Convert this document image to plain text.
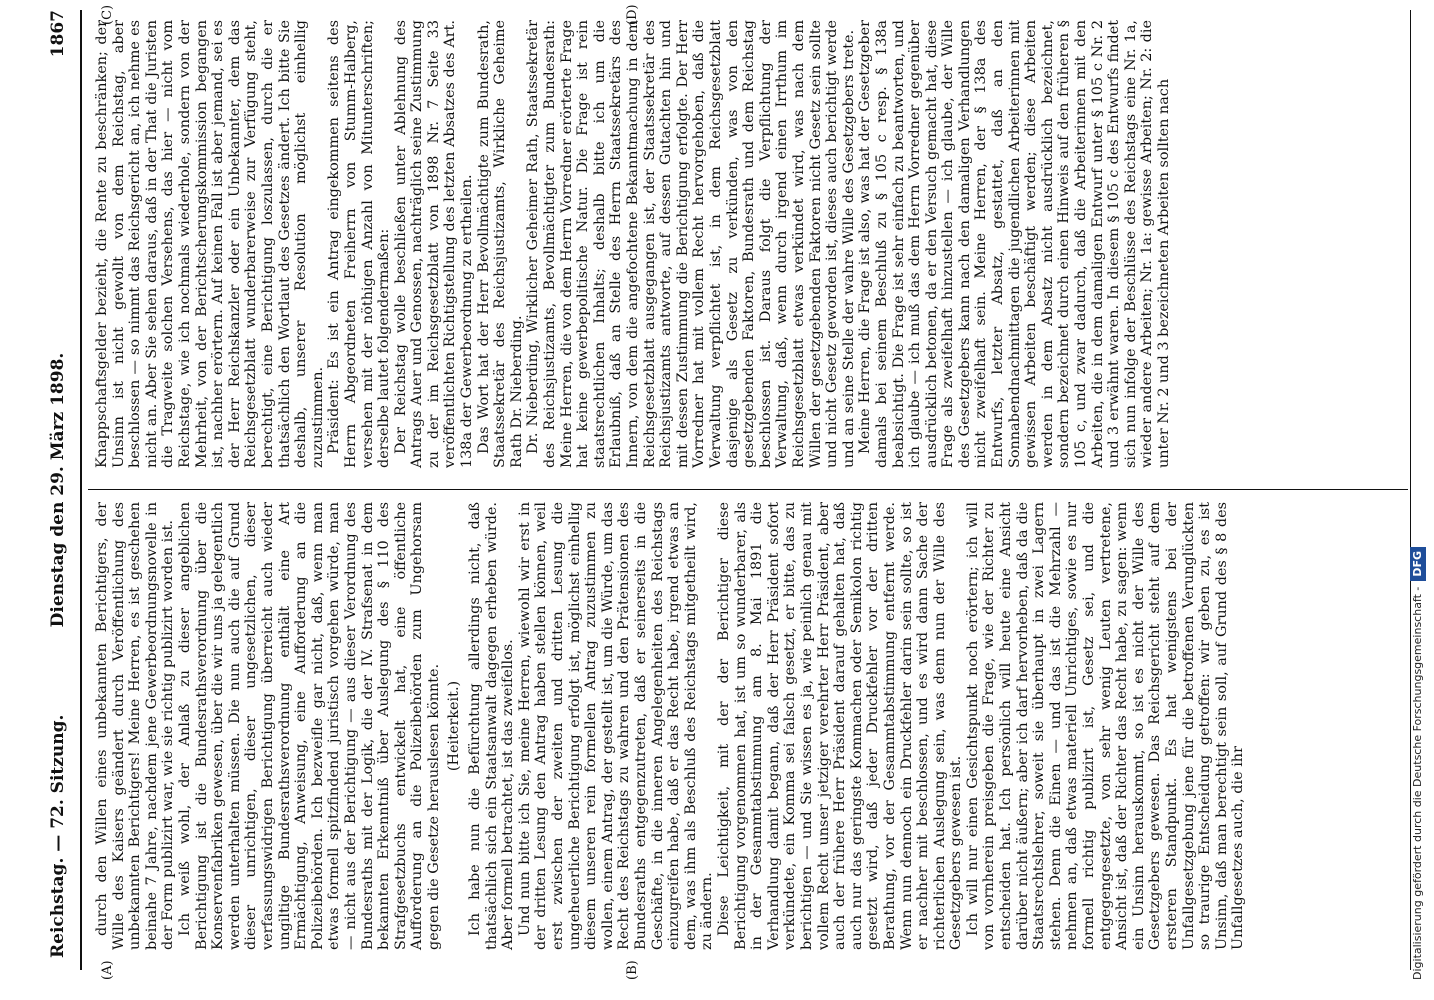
Reichstag. — 72. Sitzung.
Dienstag den 29. März 1898.
1867
(A)	(B)
(C)	(D)

durch den Willen eines unbekannten Berichtigers, der Wille des Kaisers geändert durch Veröffentlichung des unbekannten Berichtigers! Meine Herren, es ist geschehen beinahe 7 Jahre, nachdem jene Gewerbeordnungsnovelle in der Form publizirt war, wie sie richtig publizirt worden ist. Ich weiß wohl, der Anlaß zu dieser angeblichen Berichtigung ist die Bundesrathsverordnung über die Konservenfabriken gewesen, über die wir uns ja gelegentlich werden unterhalten müssen. Die nun auch die auf Grund dieser unrichtigen, dieser ungesetzlichen, dieser verfassungswidrigen Berichtigung überreicht auch wieder ungiltige Bundesrathsverordnung enthält eine Art Ermächtigung, Anweisung, eine Aufforderung an die Polizeibehörden. Ich bezweifle gar nicht, daß, wenn man etwas formell spitzfindend juristisch vorgehen würde, man — nicht aus der Berichtigung — aus dieser Verordnung des Bundesraths mit der Logik, die der IV. Strafsenat in dem bekannten Erkenntniß über Auslegung des § 110 des Strafgesetzbuchs entwickelt hat, eine öffentliche Aufforderung an die Polizeibehörden zum Ungehorsam gegen die Gesetze herauslesen könnte. (Heiterkeit.) Ich habe nun die Befürchtung allerdings nicht, daß thatsächlich sich ein Staatsanwalt dagegen erheben würde. Aber formell betrachtet, ist das zweifellos. Und nun bitte ich Sie, meine Herren, wiewohl wir erst in der dritten Lesung den Antrag haben stellen können, weil erst zwischen der zweiten und dritten Lesung die ungeheuerliche Berichtigung erfolgt ist, möglichst einhellig diesem unseren rein formellen Antrag zuzustimmen zu wollen, einem Antrag, der gestellt ist, um die Würde, um das Recht des Reichstags zu wahren und den Prätensionen des Bundesraths entgegenzutreten, daß er seinerseits in die Geschäfte, in die inneren Angelegenheiten des Reichstags einzugreifen habe, daß er das Recht habe, irgend etwas an dem, was ihm als Beschluß des Reichstags mitgetheilt wird, zu ändern. Diese Leichtigkeit, mit der der Berichtiger diese Berichtigung vorgenommen hat, ist um so wunderbarer, als in der Gesammtabstimmung am 8. Mai 1891 die Verhandlung damit begann, daß der Herr Präsident sofort verkündete, ein Komma sei falsch gesetzt, er bitte, das zu berichtigen — und Sie wissen es ja, wie peinlich genau mit vollem Recht unser jetziger verehrter Herr Präsident, aber auch der frühere Herr Präsident darauf gehalten hat, daß auch nur das geringste Kommachen oder Semikolon richtig gesetzt wird, daß jeder Druckfehler vor der dritten Berathung, vor der Gesammtabstimmung entfernt werde. Wenn nun dennoch ein Druckfehler darin sein sollte, so ist er nachher mit beschlossen, und es wird dann Sache der richterlichen Auslegung sein, was denn nun der Wille des Gesetzgebers gewesen ist. Ich will nur einen Gesichtspunkt noch erörtern; ich will von vornherein preisgeben die Frage, wie der Richter zu entscheiden hat. Ich persönlich will heute eine Ansicht darüber nicht äußern; aber ich darf hervorheben, daß da die Staatsrechtslehrer, soweit sie überhaupt in zwei Lagern stehen. Denn die Einen — und das ist die Mehrzahl — nehmen an, daß etwas materiell Unrichtiges, sowie es nur formell richtig publizirt ist, Gesetz sei, und die entgegengesetzte, von sehr wenig Leuten vertretene, Ansicht ist, daß der Richter das Recht habe, zu sagen: wenn ein Unsinn herauskommt, so ist es nicht der Wille des Gesetzgebers gewesen. Das Reichsgericht steht auf dem ersteren Standpunkt. Es hat wenigstens bei der Unfallgesetzgebung jene für die betroffenen Verunglückten so traurige Entscheidung getroffen: wir geben zu, es ist Unsinn, daß man berechtigt sein soll, auf Grund des § 8 des Unfallgesetzes auch, die ihr

Knappschaftsgelder bezieht, die Rente zu beschränken; der Unsinn ist nicht gewollt von dem Reichstag, aber beschlossen — so nimmt das Reichsgericht an, ich nehme es nicht an. Aber Sie sehen daraus, daß in der That die Juristen die Tragweite solchen Versehens, das hier — nicht vom Reichstage, wie ich nochmals wiederhole, sondern von der Mehrheit, von der Berichtscherungskommission begangen ist, nachher erörtern. Auf keinen Fall ist aber jemand, sei es der Herr Reichskanzler oder ein Unbekannter, dem das Reichsgesetzblatt wunderbarerweise zur Verfügung steht, berechtigt, eine Berichtigung loszulassen, durch die er thatsächlich den Wortlaut des Gesetzes ändert. Ich bitte Sie deshalb, unserer Resolution möglichst einhellig zuzustimmen. Präsident: Es ist ein Antrag eingekommen seitens des Herrn Abgeordneten Freiherrn von Stumm-Halberg, versehen mit der nöthigen Anzahl von Mitunterschriften; derselbe lautet folgendermaßen: Der Reichstag wolle beschließen unter Ablehnung des Antrags Auer und Genossen, nachträglich seine Zustimmung zu der im Reichsgesetzblatt von 1898 Nr. 7 Seite 33 veröffentlichten Richtigstellung des letzten Absatzes des Art. 138a der Gewerbeordnung zu ertheilen. Das Wort hat der Herr Bevollmächtigte zum Bundesrath, Staatssekretär des Reichsjustizamts, Wirkliche Geheime Rath Dr. Nieberding. Dr. Nieberding, Wirklicher Geheimer Rath, Staatssekretär des Reichsjustizamts, Bevollmächtigter zum Bundesrath: Meine Herren, die von dem Herrn Vorredner erörterte Frage hat keine gewerbepolitische Natur. Die Frage ist rein staatsrechtlichen Inhalts; deshalb bitte ich um die Erlaubniß, daß an Stelle des Herrn Staatssekretärs des Innern, von dem die angefochtene Bekanntmachung in dem Reichsgesetzblatt ausgegangen ist, der Staatssekretär des Reichsjustizamts antworte, auf dessen Gutachten hin und mit dessen Zustimmung die Berichtigung erfolgte. Der Herr Vorredner hat mit vollem Recht hervorgehoben, daß die Verwaltung verpflichtet ist, in dem Reichsgesetzblatt dasjenige als Gesetz zu verkünden, was von den gesetzgebenden Faktoren, Bundesrath und dem Reichstag beschlossen ist. Daraus folgt die Verpflichtung der Verwaltung, daß, wenn durch irgend einen Irrthum im Reichsgesetzblatt etwas verkündet wird, was nach dem Willen der gesetzgebenden Faktoren nicht Gesetz sein sollte und nicht Gesetz geworden ist, dieses auch berichtigt werde und an seine Stelle der wahre Wille des Gesetzgebers trete. Meine Herren, die Frage ist also, was hat der Gesetzgeber damals bei seinem Beschluß zu § 105 c resp. § 138a beabsichtigt. Die Frage ist sehr einfach zu beantworten, und ich glaube — ich muß das dem Herrn Vorredner gegenüber ausdrücklich betonen, da er den Versuch gemacht hat, diese Frage als zweifelhaft hinzustellen — ich glaube, der Wille des Gesetzgebers kann nach den damaligen Verhandlungen nicht zweifelhaft sein. Meine Herren, der § 138a des Entwurfs, letzter Absatz, gestattet, daß an den Sonnabendnachmittagen die jugendlichen Arbeiterinnen mit gewissen Arbeiten beschäftigt werden; diese Arbeiten werden in dem Absatz nicht ausdrücklich bezeichnet, sondern bezeichnet durch einen Hinweis auf den früheren § 105 c, und zwar dadurch, daß die Arbeiterinnen mit den Arbeiten, die in dem damaligen Entwurf unter § 105 c Nr. 2 und 3 erwähnt waren. In diesem § 105 c des Entwurfs findet sich nun infolge der Beschlüsse des Reichstags eine Nr. 1a, wieder andere Arbeiten; Nr. 1a: gewisse Arbeiten; Nr. 2: die unter Nr. 2 und 3 bezeichneten Arbeiten sollten nach

Digitalisierung gefördert durch die Deutsche Forschungsgemeinschaft -DFG
